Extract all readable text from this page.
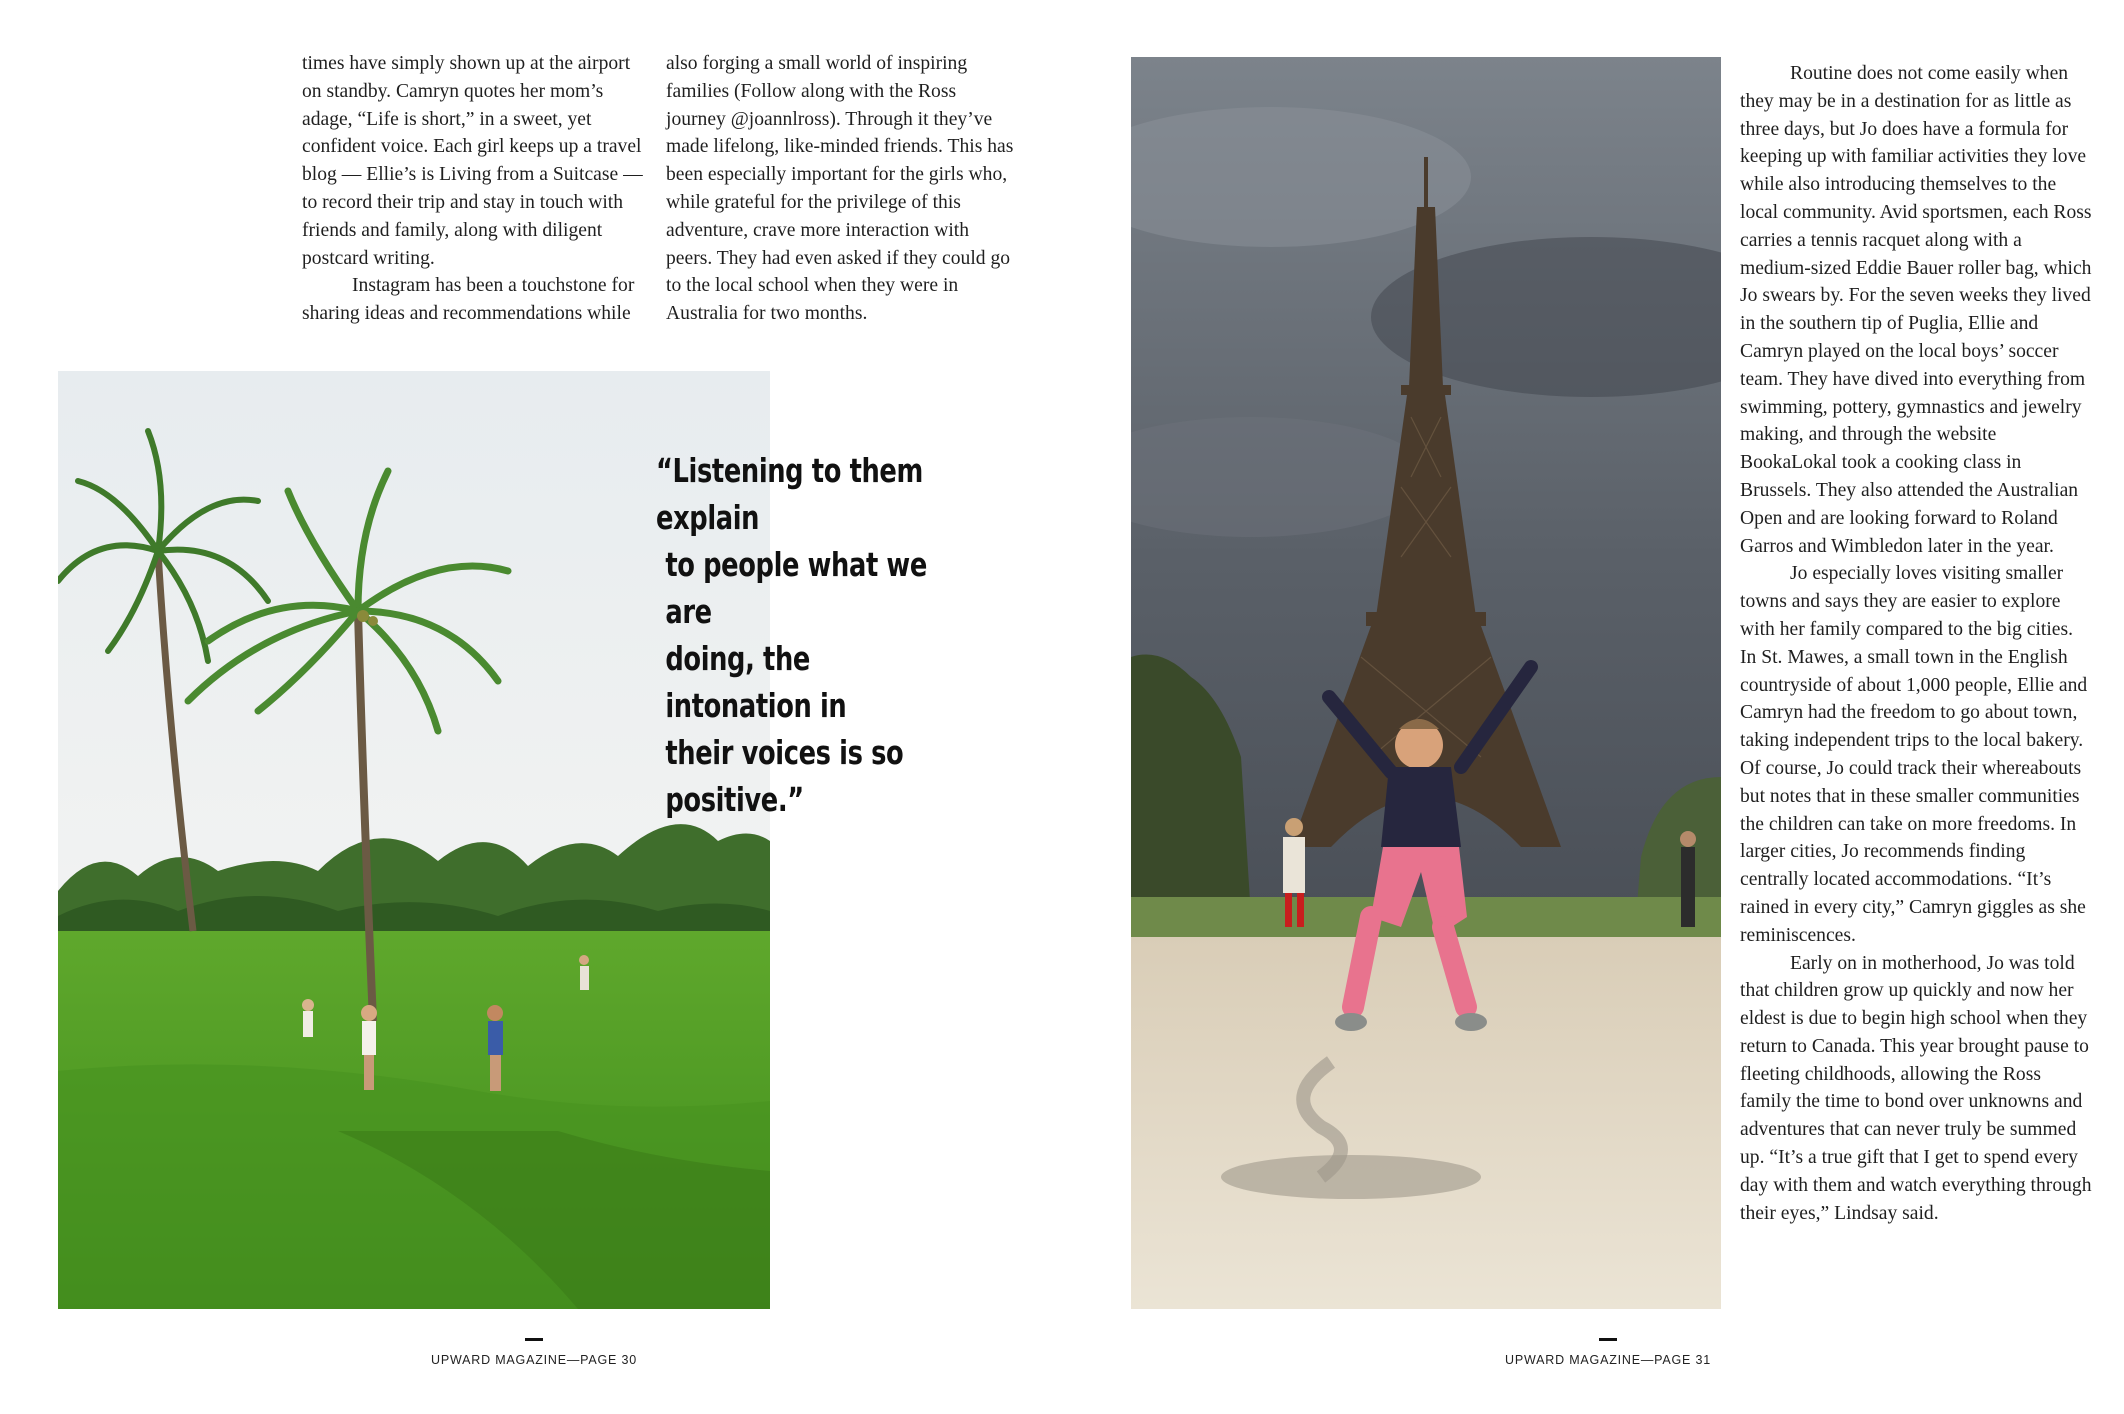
times have simply shown up at the airport on standby. Camryn quotes her mom’s adage, “Life is short,” in a sweet, yet confident voice. Each girl keeps up a travel blog — Ellie’s is Living from a Suitcase — to record their trip and stay in touch with friends and family, along with diligent postcard writing.

Instagram has been a touchstone for sharing ideas and recommendations while

also forging a small world of inspiring families (Follow along with the Ross journey @joannlross). Through it they’ve made lifelong, like-minded friends. This has been especially important for the girls who, while grateful for the privilege of this adventure, crave more interaction with peers. They had even asked if they could go to the local school when they were in Australia for two months.

“Listening to them explain
to people what we are
doing, the intonation in
their voices is so positive.”
UPWARD MAGAZINE—PAGE 30

Routine does not come easily when they may be in a destination for as little as three days, but Jo does have a formula for keeping up with familiar activities they love while also introducing themselves to the local community. Avid sportsmen, each Ross carries a tennis racquet along with a medium-sized Eddie Bauer roller bag, which Jo swears by. For the seven weeks they lived in the southern tip of Puglia, Ellie and Camryn played on the local boys’ soccer team. They have dived into everything from swimming, pottery, gymnastics and jewelry making, and through the website BookaLokal took a cooking class in Brussels. They also attended the Australian Open and are looking forward to Roland Garros and Wimbledon later in the year.

Jo especially loves visiting smaller towns and says they are easier to explore with her family compared to the big cities. In St. Mawes, a small town in the English countryside of about 1,000 people, Ellie and Camryn had the freedom to go about town, taking independent trips to the local bakery. Of course, Jo could track their whereabouts but notes that in these smaller communities the children can take on more freedoms. In larger cities, Jo recommends finding centrally located accommodations. “It’s rained in every city,” Camryn giggles as she reminiscences.

Early on in motherhood, Jo was told that children grow up quickly and now her eldest is due to begin high school when they return to Canada. This year brought pause to fleeting childhoods, allowing the Ross family the time to bond over unknowns and adventures that can never truly be summed up. “It’s a true gift that I get to spend every day with them and watch everything through their eyes,” Lindsay said.

UPWARD MAGAZINE—PAGE 31
